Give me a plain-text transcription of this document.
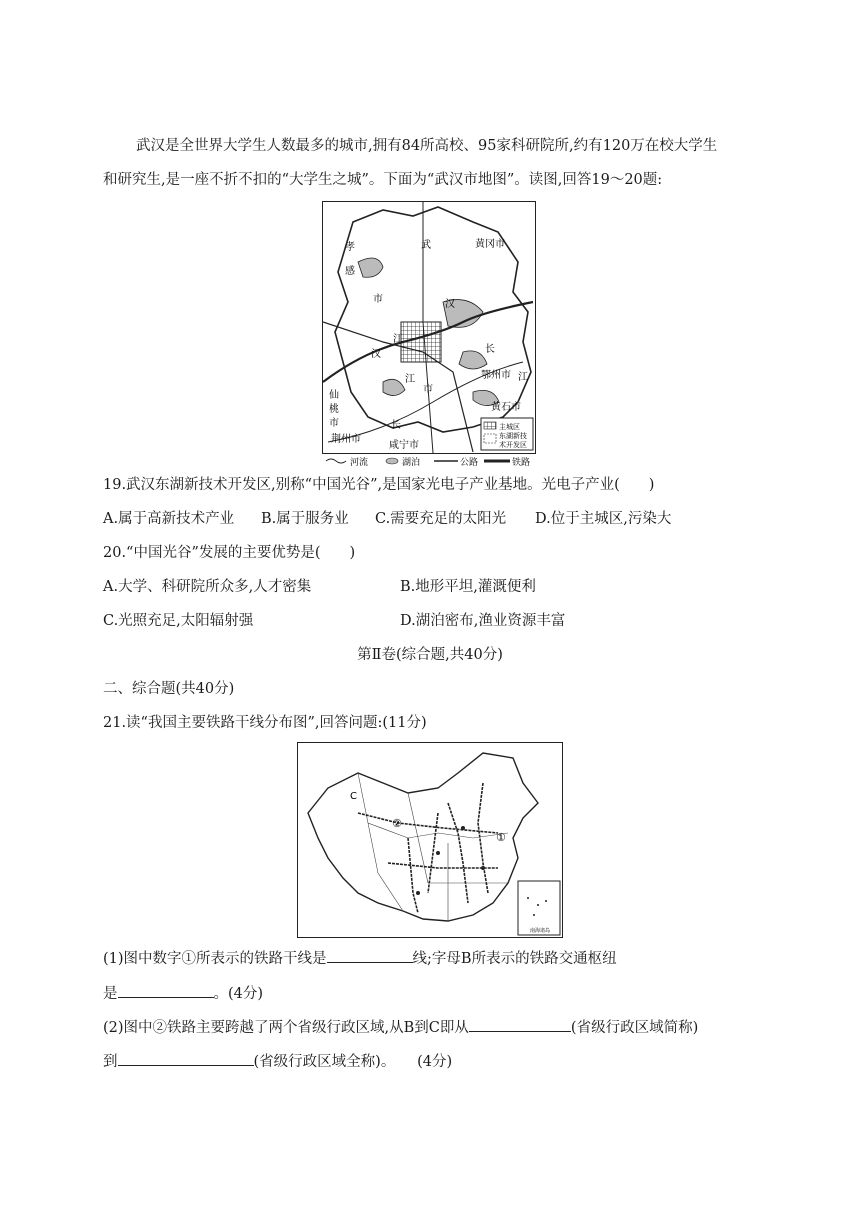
武汉是全世界大学生人数最多的城市,拥有84所高校、95家科研院所,约有120万在校大学生
和研究生,是一座不折不扣的“大学生之城”。下面为“武汉市地图”。读图,回答19～20题:
孝
感
市
武	黄冈市
汉
汉
江
长
江
市
鄂州市 江
仙
桃
市
黄石市
长
荆州市
咸宁市
主城区
东湖新技
术开发区
河流	湖泊	公路	铁路
19.武汉东湖新技术开发区,别称“中国光谷”,是国家光电子产业基地。光电子产业(　　)
A.属于高新技术产业 B.属于服务业 C.需要充足的太阳光 D.位于主城区,污染大
20.“中国光谷”发展的主要优势是(　　)
A.大学、科研院所众多,人才密集	B.地形平坦,灌溉便利
C.光照充足,太阳辐射强	D.湖泊密布,渔业资源丰富
第Ⅱ卷(综合题,共40分)
二、综合题(共40分)
21.读“我国主要铁路干线分布图”,回答问题:(11分)
C
②
①
南海诸岛
(1)图中数字①所表示的铁路干线是	线;字母B所表示的铁路交通枢纽
是	。(4分)
(2)图中②铁路主要跨越了两个省级行政区域,从B到C即从	(省级行政区域简称)
到	(省级行政区域全称)。　　(4分)
